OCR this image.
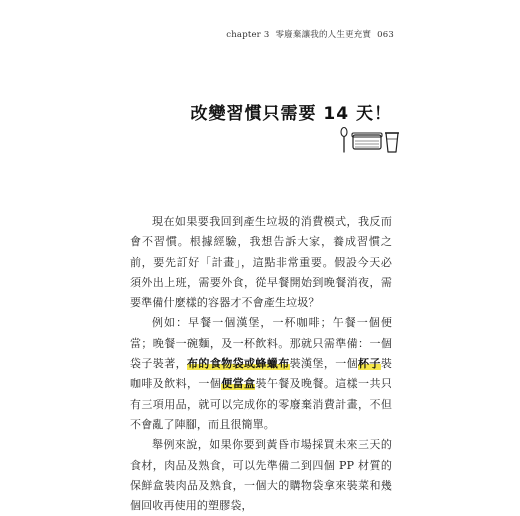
chapter 3 零廢棄讓我的人生更充實 063
改變習慣只需要 14 天！

現在如果要我回到產生垃圾的消費模式，我反而會不習慣。根據經驗，我想告訴大家，養成習慣之前，要先訂好「計畫」，這點非常重要。假設今天必須外出上班，需要外食，從早餐開始到晚餐消夜，需要準備什麼樣的容器才不會產生垃圾？

例如：早餐一個漢堡，一杯咖啡；午餐一個便當；晚餐一碗麵，及一杯飲料。那就只需準備：一個袋子裝著，布的食物袋或蜂蠟布裝漢堡，一個杯子裝咖啡及飲料，一個便當盒裝午餐及晚餐。這樣一共只有三項用品，就可以完成你的零廢棄消費計畫，不但不會亂了陣腳，而且很簡單。

舉例來說，如果你要到黃昏市場採買未來三天的食材，肉品及熟食，可以先準備二到四個 PP 材質的保鮮盒裝肉品及熟食，一個大的購物袋拿來裝菜和幾個回收再使用的塑膠袋，
